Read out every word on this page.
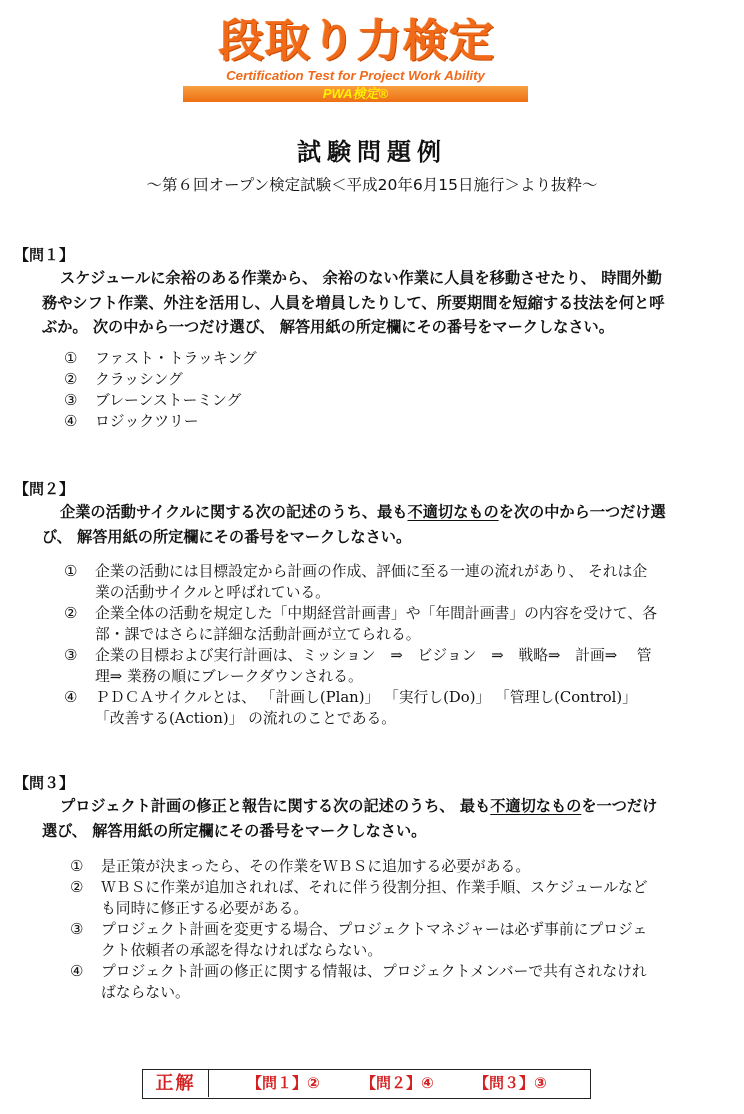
段取り力検定
Certification Test for Project Work Ability
PWA検定®
試験問題例
～第６回オープン検定試験＜平成20年6月15日施行＞より抜粋～
【問１】
スケジュールに余裕のある作業から、 余裕のない作業に人員を移動させたり、 時間外勤
務やシフト作業、外注を活用し、人員を増員したりして、所要期間を短縮する技法を何と呼
ぶか。 次の中から一つだけ選び、 解答用紙の所定欄にその番号をマークしなさい。
① ファスト・トラッキング
② クラッシング
③ ブレーンストーミング
④ ロジックツリー
【問２】
企業の活動サイクルに関する次の記述のうち、最も不適切なものを次の中から一つだけ選
び、 解答用紙の所定欄にその番号をマークしなさい。
① 企業の活動には目標設定から計画の作成、評価に至る一連の流れがあり、 それは企
業の活動サイクルと呼ばれている。
② 企業全体の活動を規定した「中期経営計画書」や「年間計画書」の内容を受けて、各
部・課ではさらに詳細な活動計画が立てられる。
③ 企業の目標および実行計画は、ミッション　⇒　ビジョン　⇒　戦略⇒　計画⇒　 管
理⇒ 業務の順にブレークダウンされる。
④ ＰＤＣＡサイクルとは、 「計画し(Plan)」 「実行し(Do)」 「管理し(Control)」
「改善する(Action)」 の流れのことである。
【問３】
プロジェクト計画の修正と報告に関する次の記述のうち、 最も不適切なものを一つだけ
選び、 解答用紙の所定欄にその番号をマークしなさい。
① 是正策が決まったら、その作業をＷＢＳに追加する必要がある。
② ＷＢＳに作業が追加されれば、それに伴う役割分担、作業手順、スケジュールなど
も同時に修正する必要がある。
③ プロジェクト計画を変更する場合、プロジェクトマネジャーは必ず事前にプロジェ
クト依頼者の承認を得なければならない。
④ プロジェクト計画の修正に関する情報は、プロジェクトメンバーで共有されなけれ
ばならない。
正解	【問１】②	【問２】④	【問３】③
